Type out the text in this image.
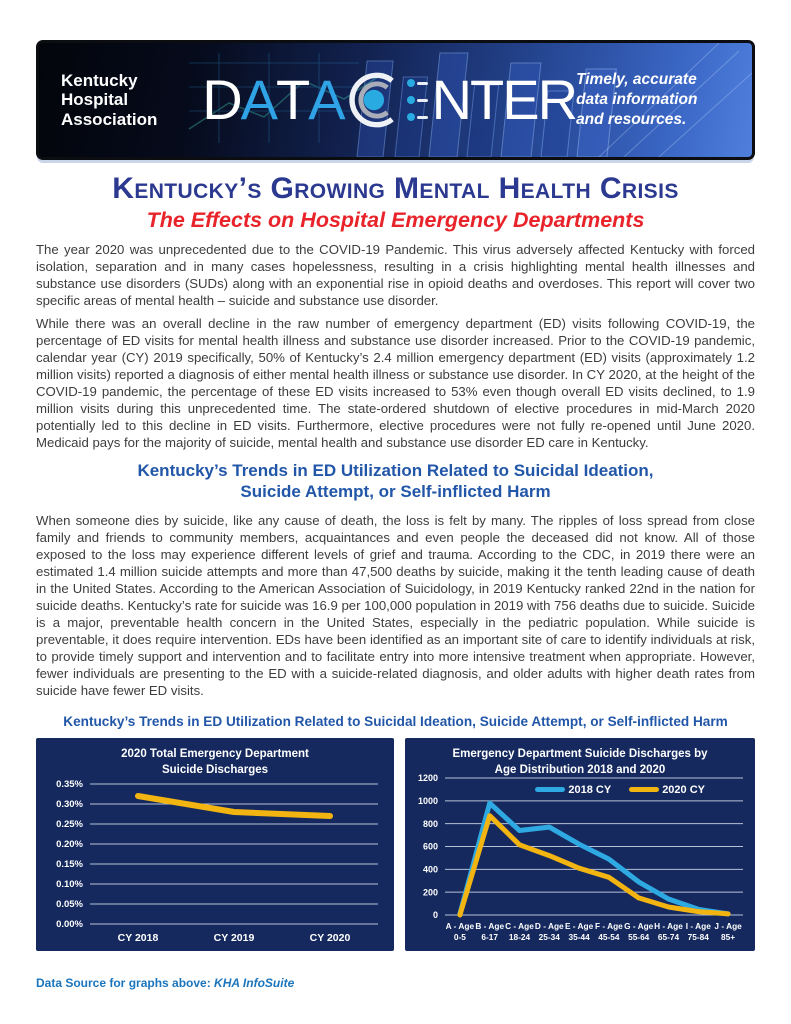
Kentucky
Hospital
Association D A T A NTER Timely, accurate
data information
and resources.
Kentucky’s Growing Mental Health Crisis
The Effects on Hospital Emergency Departments

The year 2020 was unprecedented due to the COVID-19 Pandemic. This virus adversely affected Kentucky with forced isolation, separation and in many cases hopelessness, resulting in a crisis highlighting mental health illnesses and substance use disorders (SUDs) along with an exponential rise in opioid deaths and overdoses. This report will cover two specific areas of mental health – suicide and substance use disorder.

While there was an overall decline in the raw number of emergency department (ED) visits following COVID-19, the percentage of ED visits for mental health illness and substance use disorder increased. Prior to the COVID-19 pandemic, calendar year (CY) 2019 specifically, 50% of Kentucky’s 2.4 million emergency department (ED) visits (approximately 1.2 million visits) reported a diagnosis of either mental health illness or substance use disorder. In CY 2020, at the height of the COVID-19 pandemic, the percentage of these ED visits increased to 53% even though overall ED visits declined, to 1.9 million visits during this unprecedented time. The state-ordered shutdown of elective procedures in mid-March 2020 potentially led to this decline in ED visits. Furthermore, elective procedures were not fully re-opened until June 2020. Medicaid pays for the majority of suicide, mental health and substance use disorder ED care in Kentucky.

Kentucky’s Trends in ED Utilization Related to Suicidal Ideation,
Suicide Attempt, or Self-inflicted Harm

When someone dies by suicide, like any cause of death, the loss is felt by many. The ripples of loss spread from close family and friends to community members, acquaintances and even people the deceased did not know. All of those exposed to the loss may experience different levels of grief and trauma. According to the CDC, in 2019 there were an estimated 1.4 million suicide attempts and more than 47,500 deaths by suicide, making it the tenth leading cause of death in the United States. According to the American Association of Suicidology, in 2019 Kentucky ranked 22nd in the nation for suicide deaths. Kentucky’s rate for suicide was 16.9 per 100,000 population in 2019 with 756 deaths due to suicide. Suicide is a major, preventable health concern in the United States, especially in the pediatric population. While suicide is preventable, it does require intervention. EDs have been identified as an important site of care to identify individuals at risk, to provide timely support and intervention and to facilitate entry into more intensive treatment when appropriate. However, fewer individuals are presenting to the ED with a suicide-related diagnosis, and older adults with higher death rates from suicide have fewer ED visits.

Kentucky’s Trends in ED Utilization Related to Suicidal Ideation, Suicide Attempt, or Self-inflicted Harm
2020 Total Emergency Department
Suicide Discharges
0.00%
0.05%
0.10%
0.15%
0.20%
0.25%
0.30%
0.35%
CY 2018	CY 2019	CY 2020
Emergency Department Suicide Discharges by
Age Distribution 2018 and 2020
2018 CY	2020 CY
0
200
400
600
800
1000
1200
A - Age
0-5
B - Age
6-17
C - Age
18-24
D - Age
25-34
E - Age
35-44
F - Age
45-54
G - Age
55-64
H - Age
65-74
I - Age
75-84
J - Age
85+
Data Source for graphs above: KHA InfoSuite
